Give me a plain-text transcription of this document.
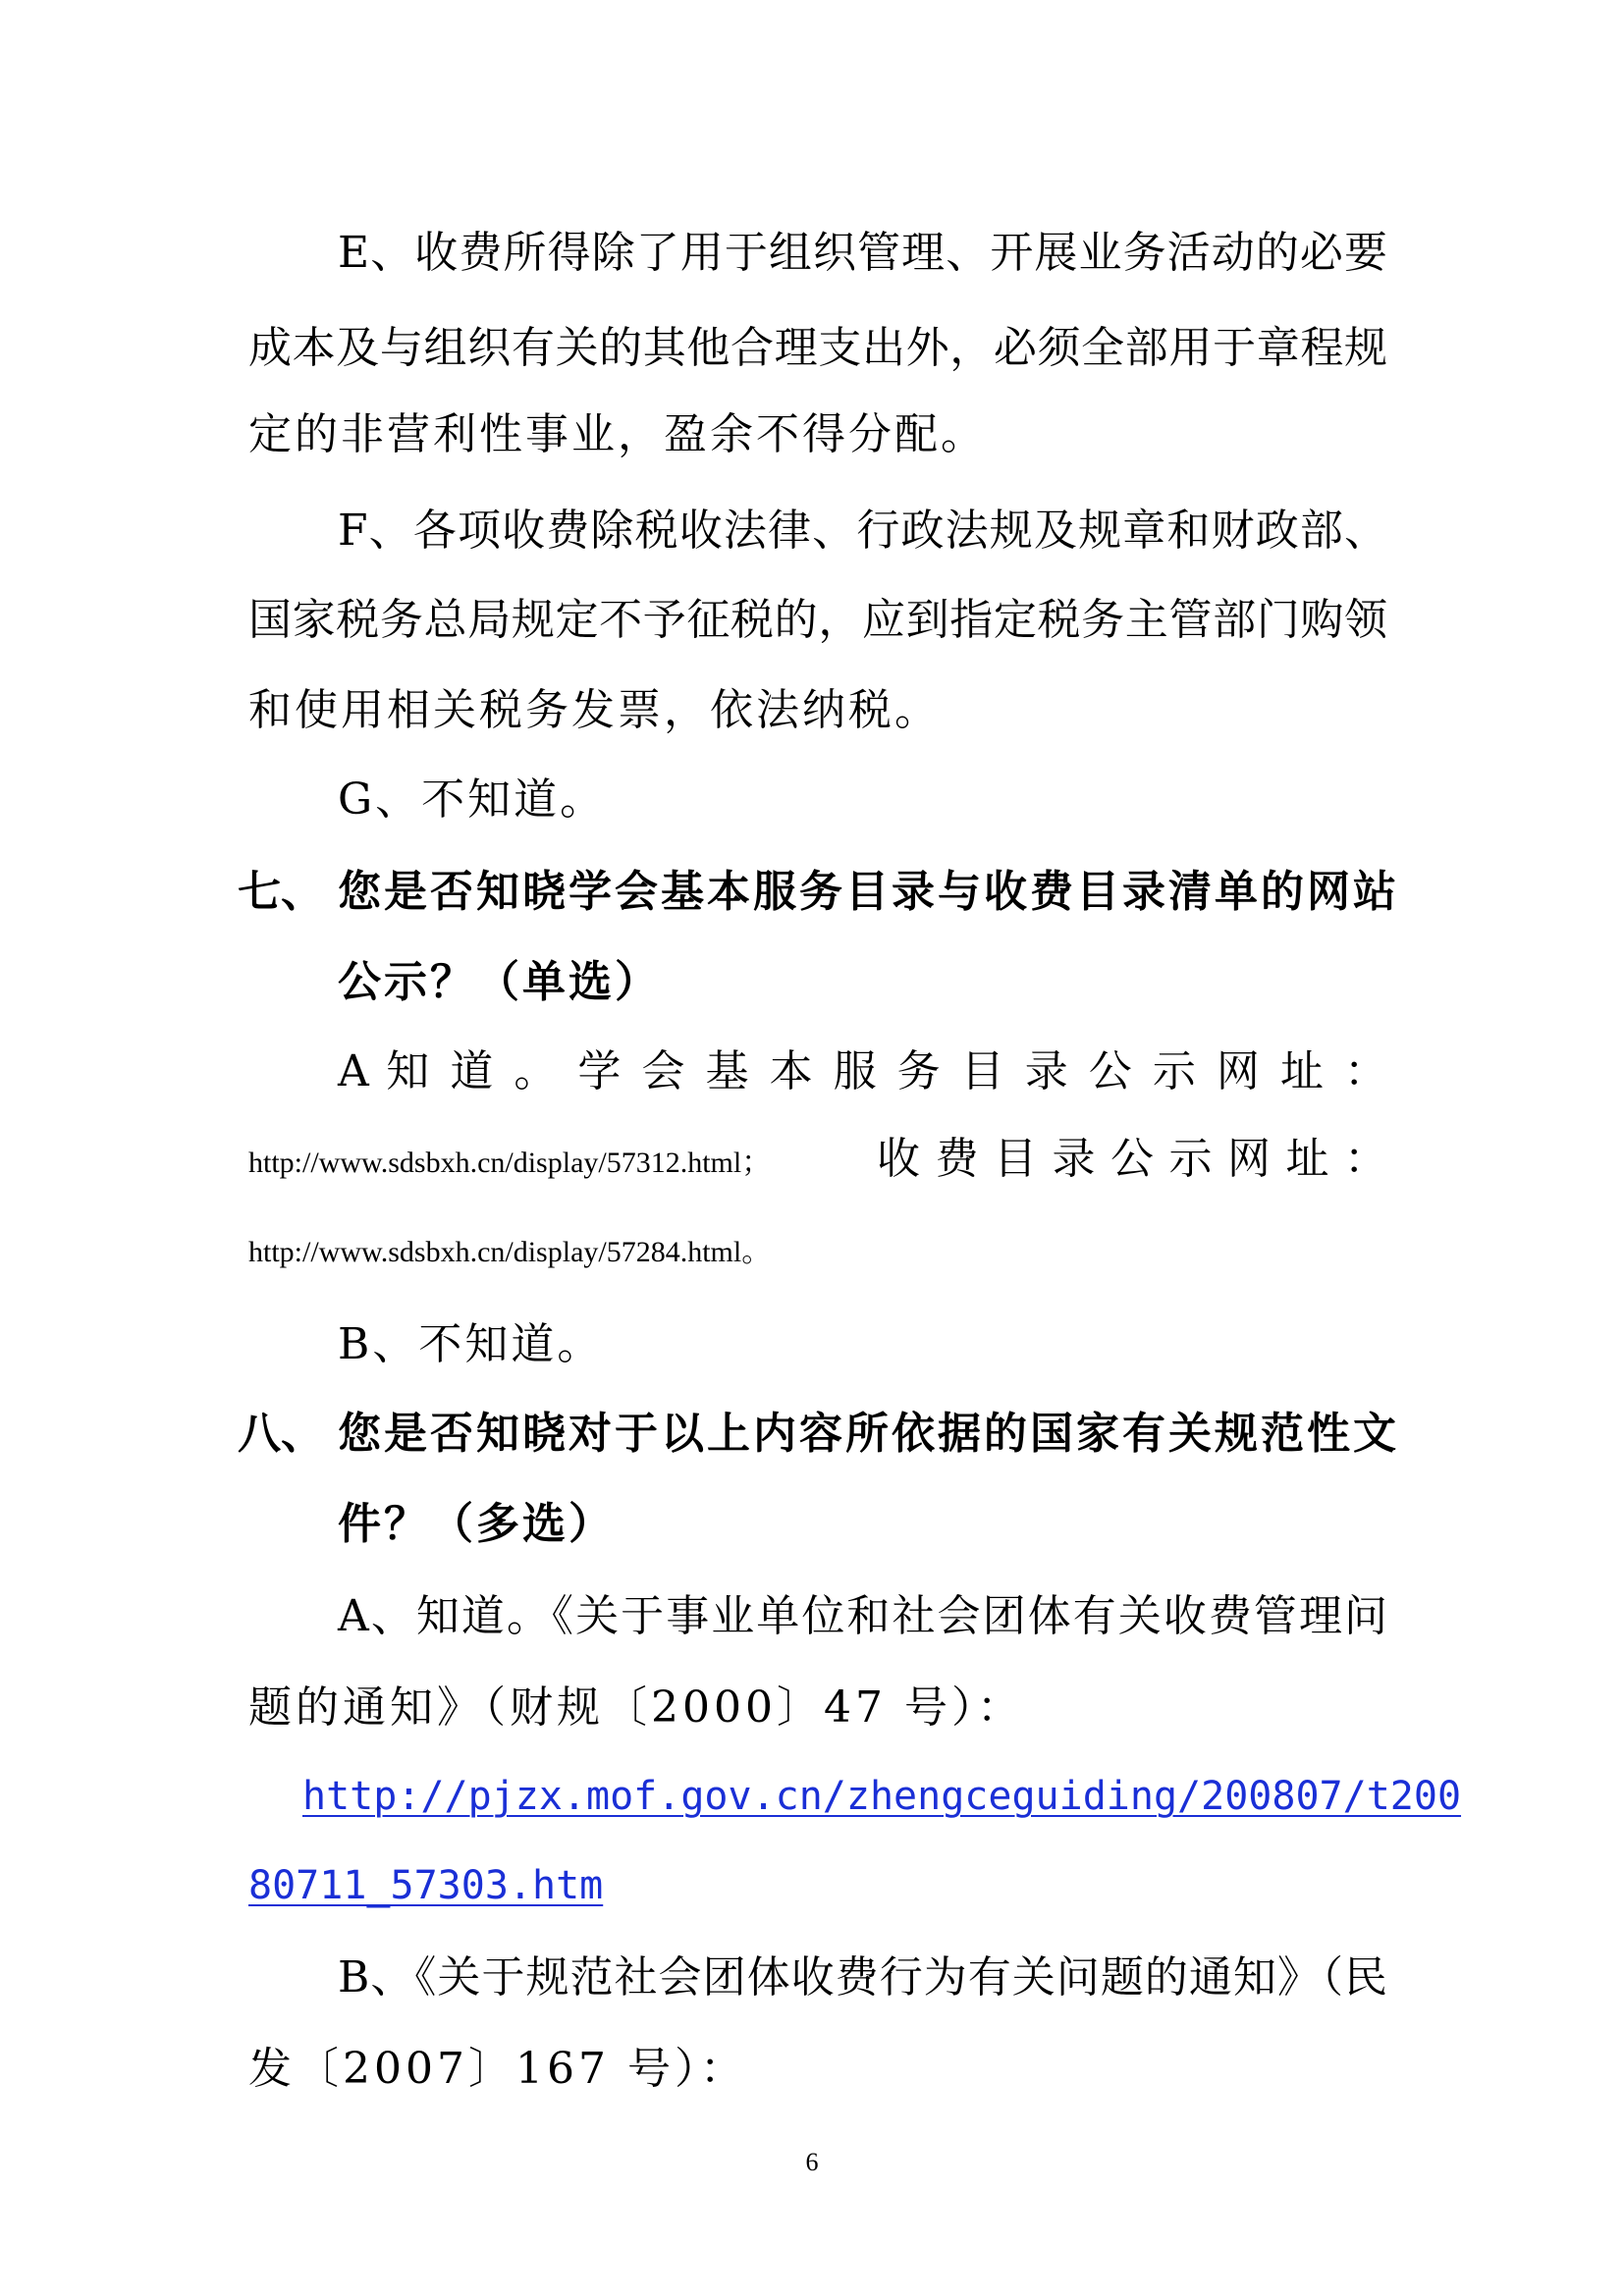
E、收费所得除了用于组织管理、开展业务活动的必要
成本及与组织有关的其他合理支出外，必须全部用于章程规
定的非营利性事业，盈余不得分配。
F、各项收费除税收法律、行政法规及规章和财政部、
国家税务总局规定不予征税的，应到指定税务主管部门购领
和使用相关税务发票，依法纳税。
G、不知道。
七、 您是否知晓学会基本服务目录与收费目录清单的网站
公示？（单选）
A 知 道 。 学 会 基 本 服 务 目 录 公 示 网 址 ：
http://www.sdsbxh.cn/display/57312.html； 收 费 目 录 公 示 网 址 ：
http://www.sdsbxh.cn/display/57284.html。
B、不知道。
八、 您是否知晓对于以上内容所依据的国家有关规范性文
件？（多选）
A、知道。《关于事业单位和社会团体有关收费管理问
题的通知》（财规〔2000〕47 号）：
http://pjzx.mof.gov.cn/zhengceguiding/200807/t200
80711_57303.htm
B、《关于规范社会团体收费行为有关问题的通知》（民
发〔2007〕167 号）：
6
